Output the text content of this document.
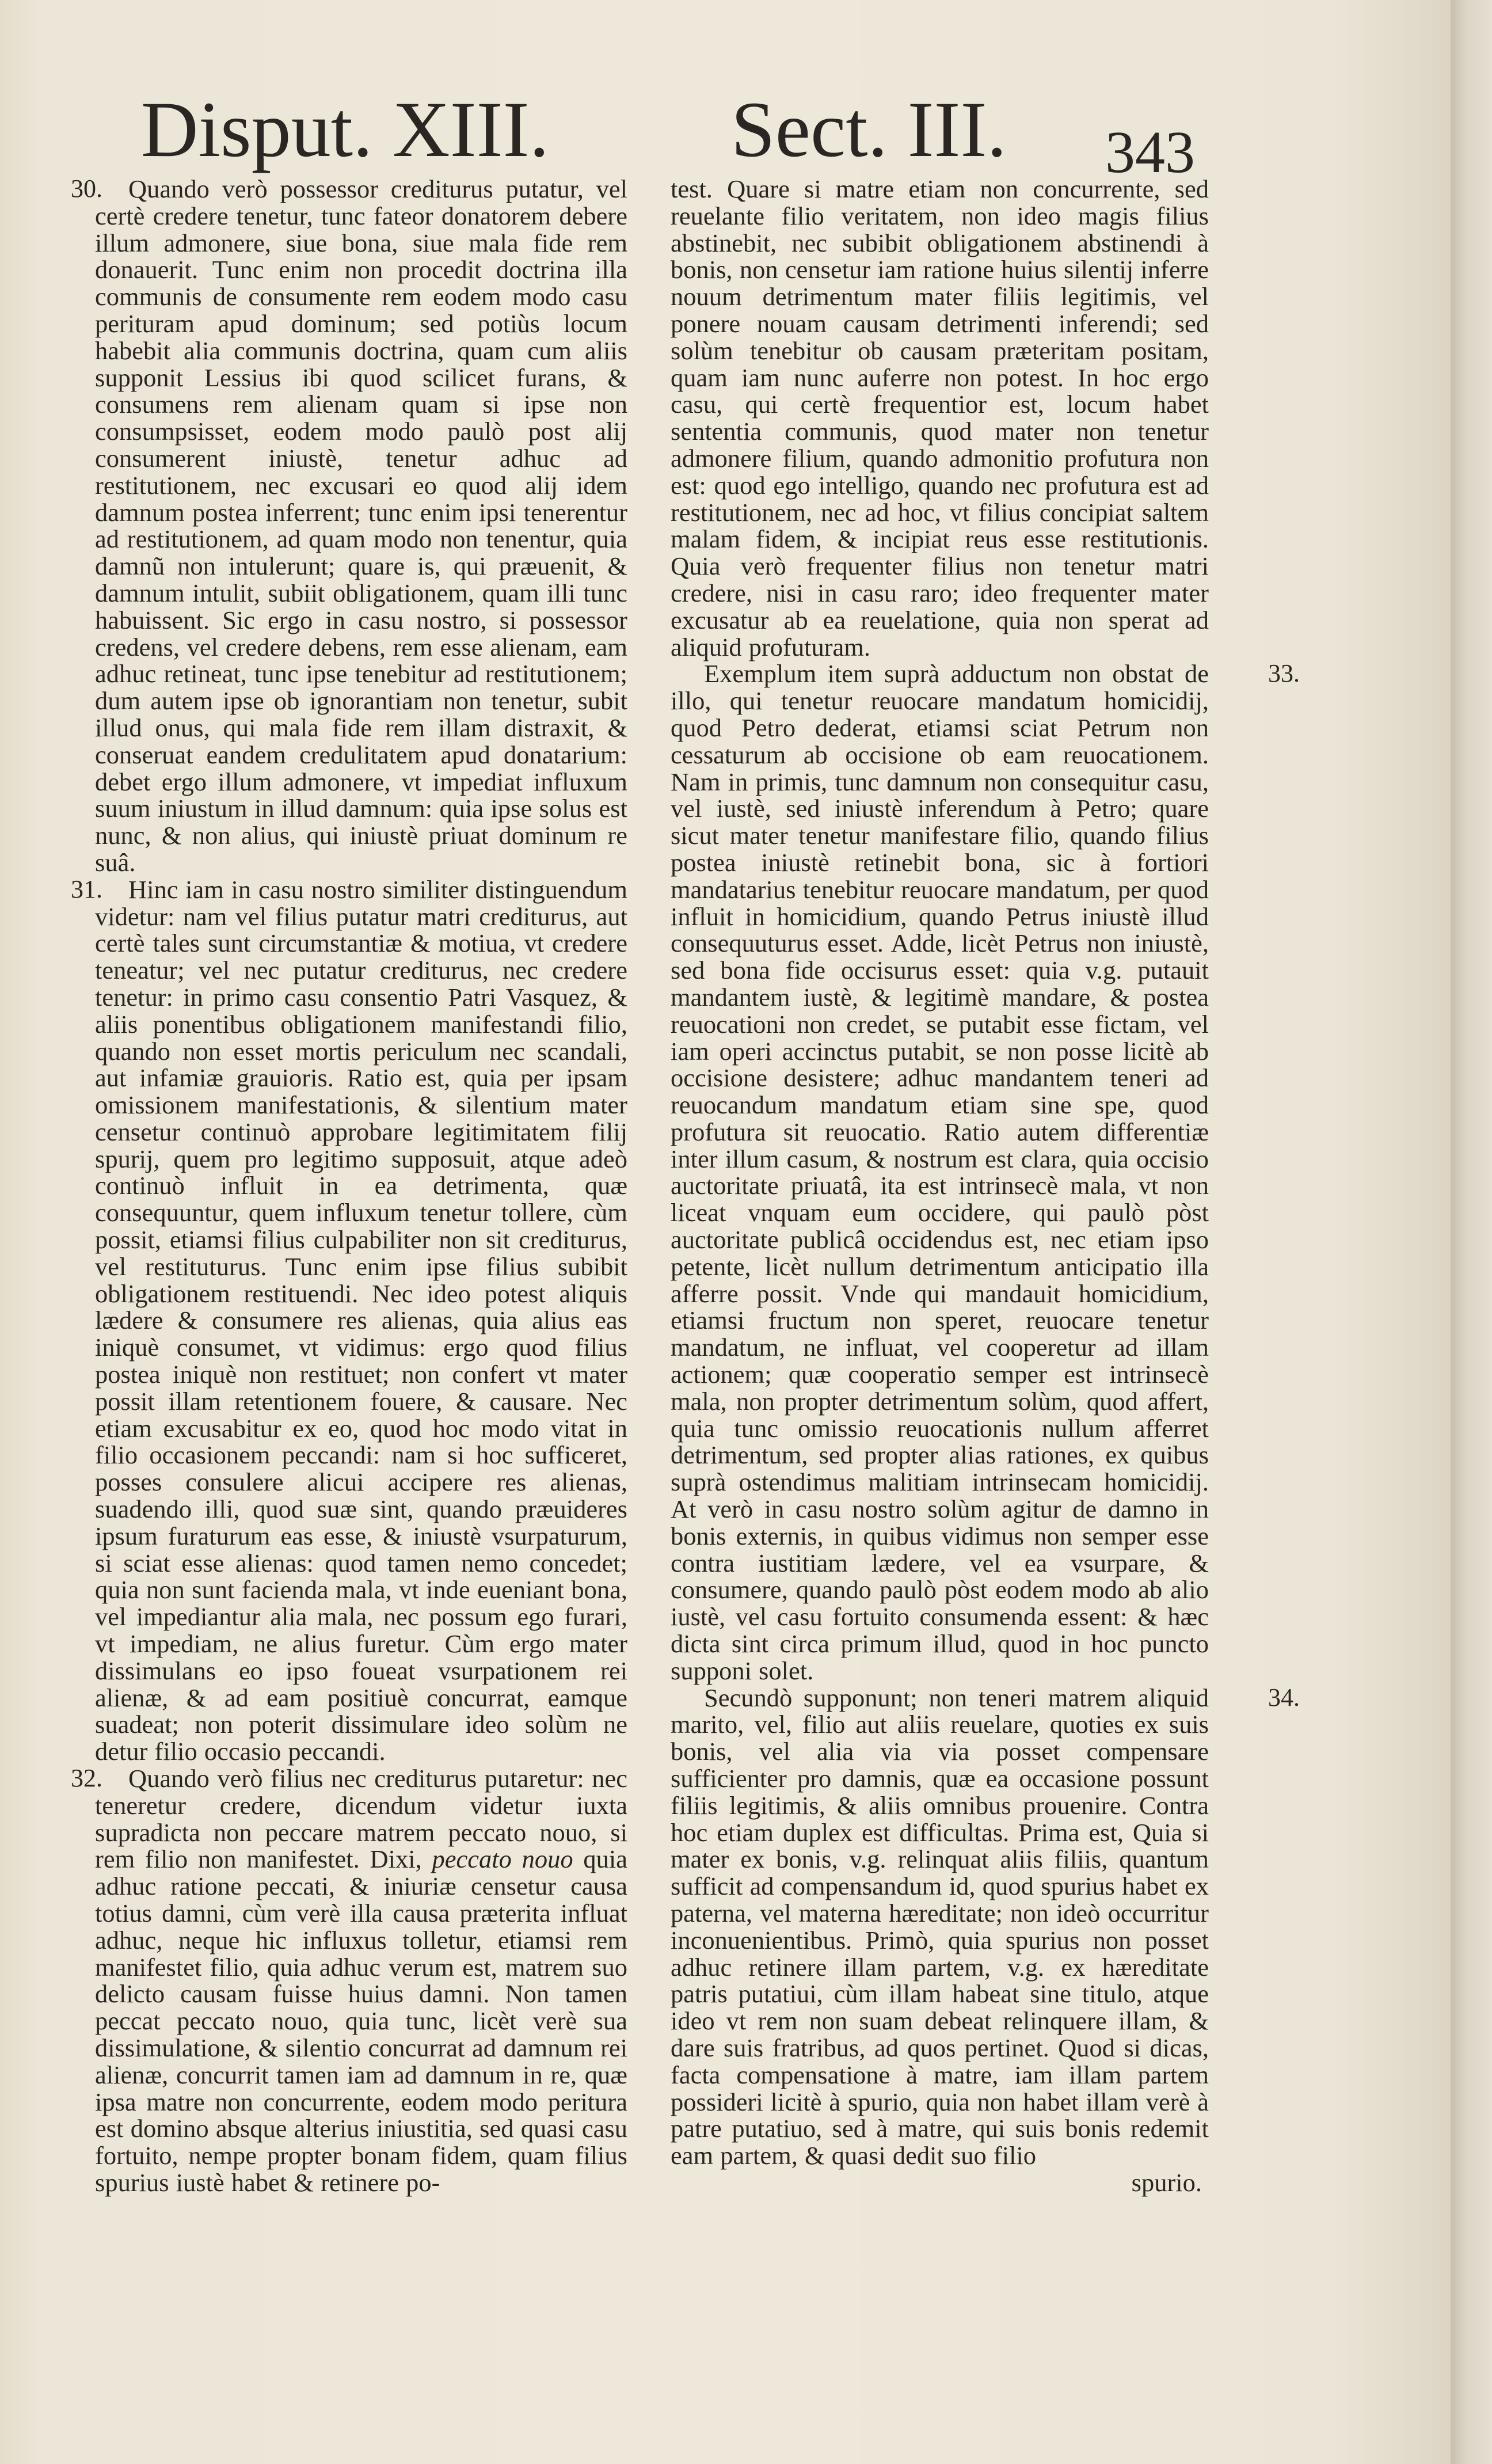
Disput. XIII. Sect. III. 343

30. Quando verò possessor crediturus putatur, vel certè credere tenetur, tunc fateor donatorem debere illum admonere, siue bona, siue mala fide rem donauerit. Tunc enim non procedit doctrina illa communis de consumente rem eodem modo casu perituram apud dominum; sed potiùs locum habebit alia communis doctrina, quam cum aliis supponit Lessius ibi quod scilicet furans, & consumens rem alienam quam si ipse non consumpsisset, eodem modo paulò post alij consumerent iniustè, tenetur adhuc ad restitutionem, nec excusari eo quod alij idem damnum postea inferrent; tunc enim ipsi tenerentur ad restitutionem, ad quam modo non tenentur, quia damnũ non intulerunt; quare is, qui præuenit, & damnum intulit, subiit obligationem, quam illi tunc habuissent. Sic ergo in casu nostro, si possessor credens, vel credere debens, rem esse alienam, eam adhuc retineat, tunc ipse tenebitur ad restitutionem; dum autem ipse ob ignorantiam non tenetur, subit illud onus, qui mala fide rem illam distraxit, & conseruat eandem credulitatem apud donatarium: debet ergo illum admonere, vt impediat influxum suum iniustum in illud damnum: quia ipse solus est nunc, & non alius, qui iniustè priuat dominum re suâ.

31. Hinc iam in casu nostro similiter distinguendum videtur: nam vel filius putatur matri crediturus, aut certè tales sunt circumstantiæ & motiua, vt credere teneatur; vel nec putatur crediturus, nec credere tenetur: in primo casu consentio Patri Vasquez, & aliis ponentibus obligationem manifestandi filio, quando non esset mortis periculum nec scandali, aut infamiæ grauioris. Ratio est, quia per ipsam omissionem manifestationis, & silentium mater censetur continuò approbare legitimitatem filij spurij, quem pro legitimo supposuit, atque adeò continuò influit in ea detrimenta, quæ consequuntur, quem influxum tenetur tollere, cùm possit, etiamsi filius culpabiliter non sit crediturus, vel restituturus. Tunc enim ipse filius subibit obligationem restituendi. Nec ideo potest aliquis lædere & consumere res alienas, quia alius eas iniquè consumet, vt vidimus: ergo quod filius postea iniquè non restituet; non confert vt mater possit illam retentionem fouere, & causare. Nec etiam excusabitur ex eo, quod hoc modo vitat in filio occasionem peccandi: nam si hoc sufficeret, posses consulere alicui accipere res alienas, suadendo illi, quod suæ sint, quando præuideres ipsum furaturum eas esse, & iniustè vsurpaturum, si sciat esse alienas: quod tamen nemo concedet; quia non sunt facienda mala, vt inde eueniant bona, vel impediantur alia mala, nec possum ego furari, vt impediam, ne alius furetur. Cùm ergo mater dissimulans eo ipso foueat vsurpationem rei alienæ, & ad eam positiuè concurrat, eamque suadeat; non poterit dissimulare ideo solùm ne detur filio occasio peccandi.

32. Quando verò filius nec crediturus putaretur: nec teneretur credere, dicendum videtur iuxta supradicta non peccare matrem peccato nouo, si rem filio non manifestet. Dixi, peccato nouo quia adhuc ratione peccati, & iniuriæ censetur causa totius damni, cùm verè illa causa præterita influat adhuc, neque hic influxus tolletur, etiamsi rem manifestet filio, quia adhuc verum est, matrem suo delicto causam fuisse huius damni. Non tamen peccat peccato nouo, quia tunc, licèt verè sua dissimulatione, & silentio concurrat ad damnum rei alienæ, concurrit tamen iam ad damnum in re, quæ ipsa matre non concurrente, eodem modo peritura est domino absque alterius iniustitia, sed quasi casu fortuito, nempe propter bonam fidem, quam filius spurius iustè habet & retinere po-

test. Quare si matre etiam non concurrente, sed reuelante filio veritatem, non ideo magis filius abstinebit, nec subibit obligationem abstinendi à bonis, non censetur iam ratione huius silentij inferre nouum detrimentum mater filiis legitimis, vel ponere nouam causam detrimenti inferendi; sed solùm tenebitur ob causam præteritam positam, quam iam nunc auferre non potest. In hoc ergo casu, qui certè frequentior est, locum habet sententia communis, quod mater non tenetur admonere filium, quando admonitio profutura non est: quod ego intelligo, quando nec profutura est ad restitutionem, nec ad hoc, vt filius concipiat saltem malam fidem, & incipiat reus esse restitutionis. Quia verò frequenter filius non tenetur matri credere, nisi in casu raro; ideo frequenter mater excusatur ab ea reuelatione, quia non sperat ad aliquid profuturam.

33.
Exemplum item suprà adductum non obstat de illo, qui tenetur reuocare mandatum homicidij, quod Petro dederat, etiamsi sciat Petrum non cessaturum ab occisione ob eam reuocationem. Nam in primis, tunc damnum non consequitur casu, vel iustè, sed iniustè inferendum à Petro; quare sicut mater tenetur manifestare filio, quando filius postea iniustè retinebit bona, sic à fortiori mandatarius tenebitur reuocare mandatum, per quod influit in homicidium, quando Petrus iniustè illud consequuturus esset. Adde, licèt Petrus non iniustè, sed bona fide occisurus esset: quia v.g. putauit mandantem iustè, & legitimè mandare, & postea reuocationi non credet, se putabit esse fictam, vel iam operi accinctus putabit, se non posse licitè ab occisione desistere; adhuc mandantem teneri ad reuocandum mandatum etiam sine spe, quod profutura sit reuocatio. Ratio autem differentiæ inter illum casum, & nostrum est clara, quia occisio auctoritate priuatâ, ita est intrinsecè mala, vt non liceat vnquam eum occidere, qui paulò pòst auctoritate publicâ occidendus est, nec etiam ipso petente, licèt nullum detrimentum anticipatio illa afferre possit. Vnde qui mandauit homicidium, etiamsi fructum non speret, reuocare tenetur mandatum, ne influat, vel cooperetur ad illam actionem; quæ cooperatio semper est intrinsecè mala, non propter detrimentum solùm, quod affert, quia tunc omissio reuocationis nullum afferret detrimentum, sed propter alias rationes, ex quibus suprà ostendimus malitiam intrinsecam homicidij. At verò in casu nostro solùm agitur de damno in bonis externis, in quibus vidimus non semper esse contra iustitiam lædere, vel ea vsurpare, & consumere, quando paulò pòst eodem modo ab alio iustè, vel casu fortuito consumenda essent: & hæc dicta sint circa primum illud, quod in hoc puncto supponi solet.

34.
Secundò supponunt; non teneri matrem aliquid marito, vel, filio aut aliis reuelare, quoties ex suis bonis, vel alia via via posset compensare sufficienter pro damnis, quæ ea occasione possunt filiis legitimis, & aliis omnibus prouenire. Contra hoc etiam duplex est difficultas. Prima est, Quia si mater ex bonis, v.g. relinquat aliis filiis, quantum sufficit ad compensandum id, quod spurius habet ex paterna, vel materna hæreditate; non ideò occurritur inconuenientibus. Primò, quia spurius non posset adhuc retinere illam partem, v.g. ex hæreditate patris putatiui, cùm illam habeat sine titulo, atque ideo vt rem non suam debeat relinquere illam, & dare suis fratribus, ad quos pertinet. Quod si dicas, facta compensatione à matre, iam illam partem possideri licitè à spurio, quia non habet illam verè à patre putatiuo, sed à matre, qui suis bonis redemit eam partem, & quasi dedit suo filio

spurio.
